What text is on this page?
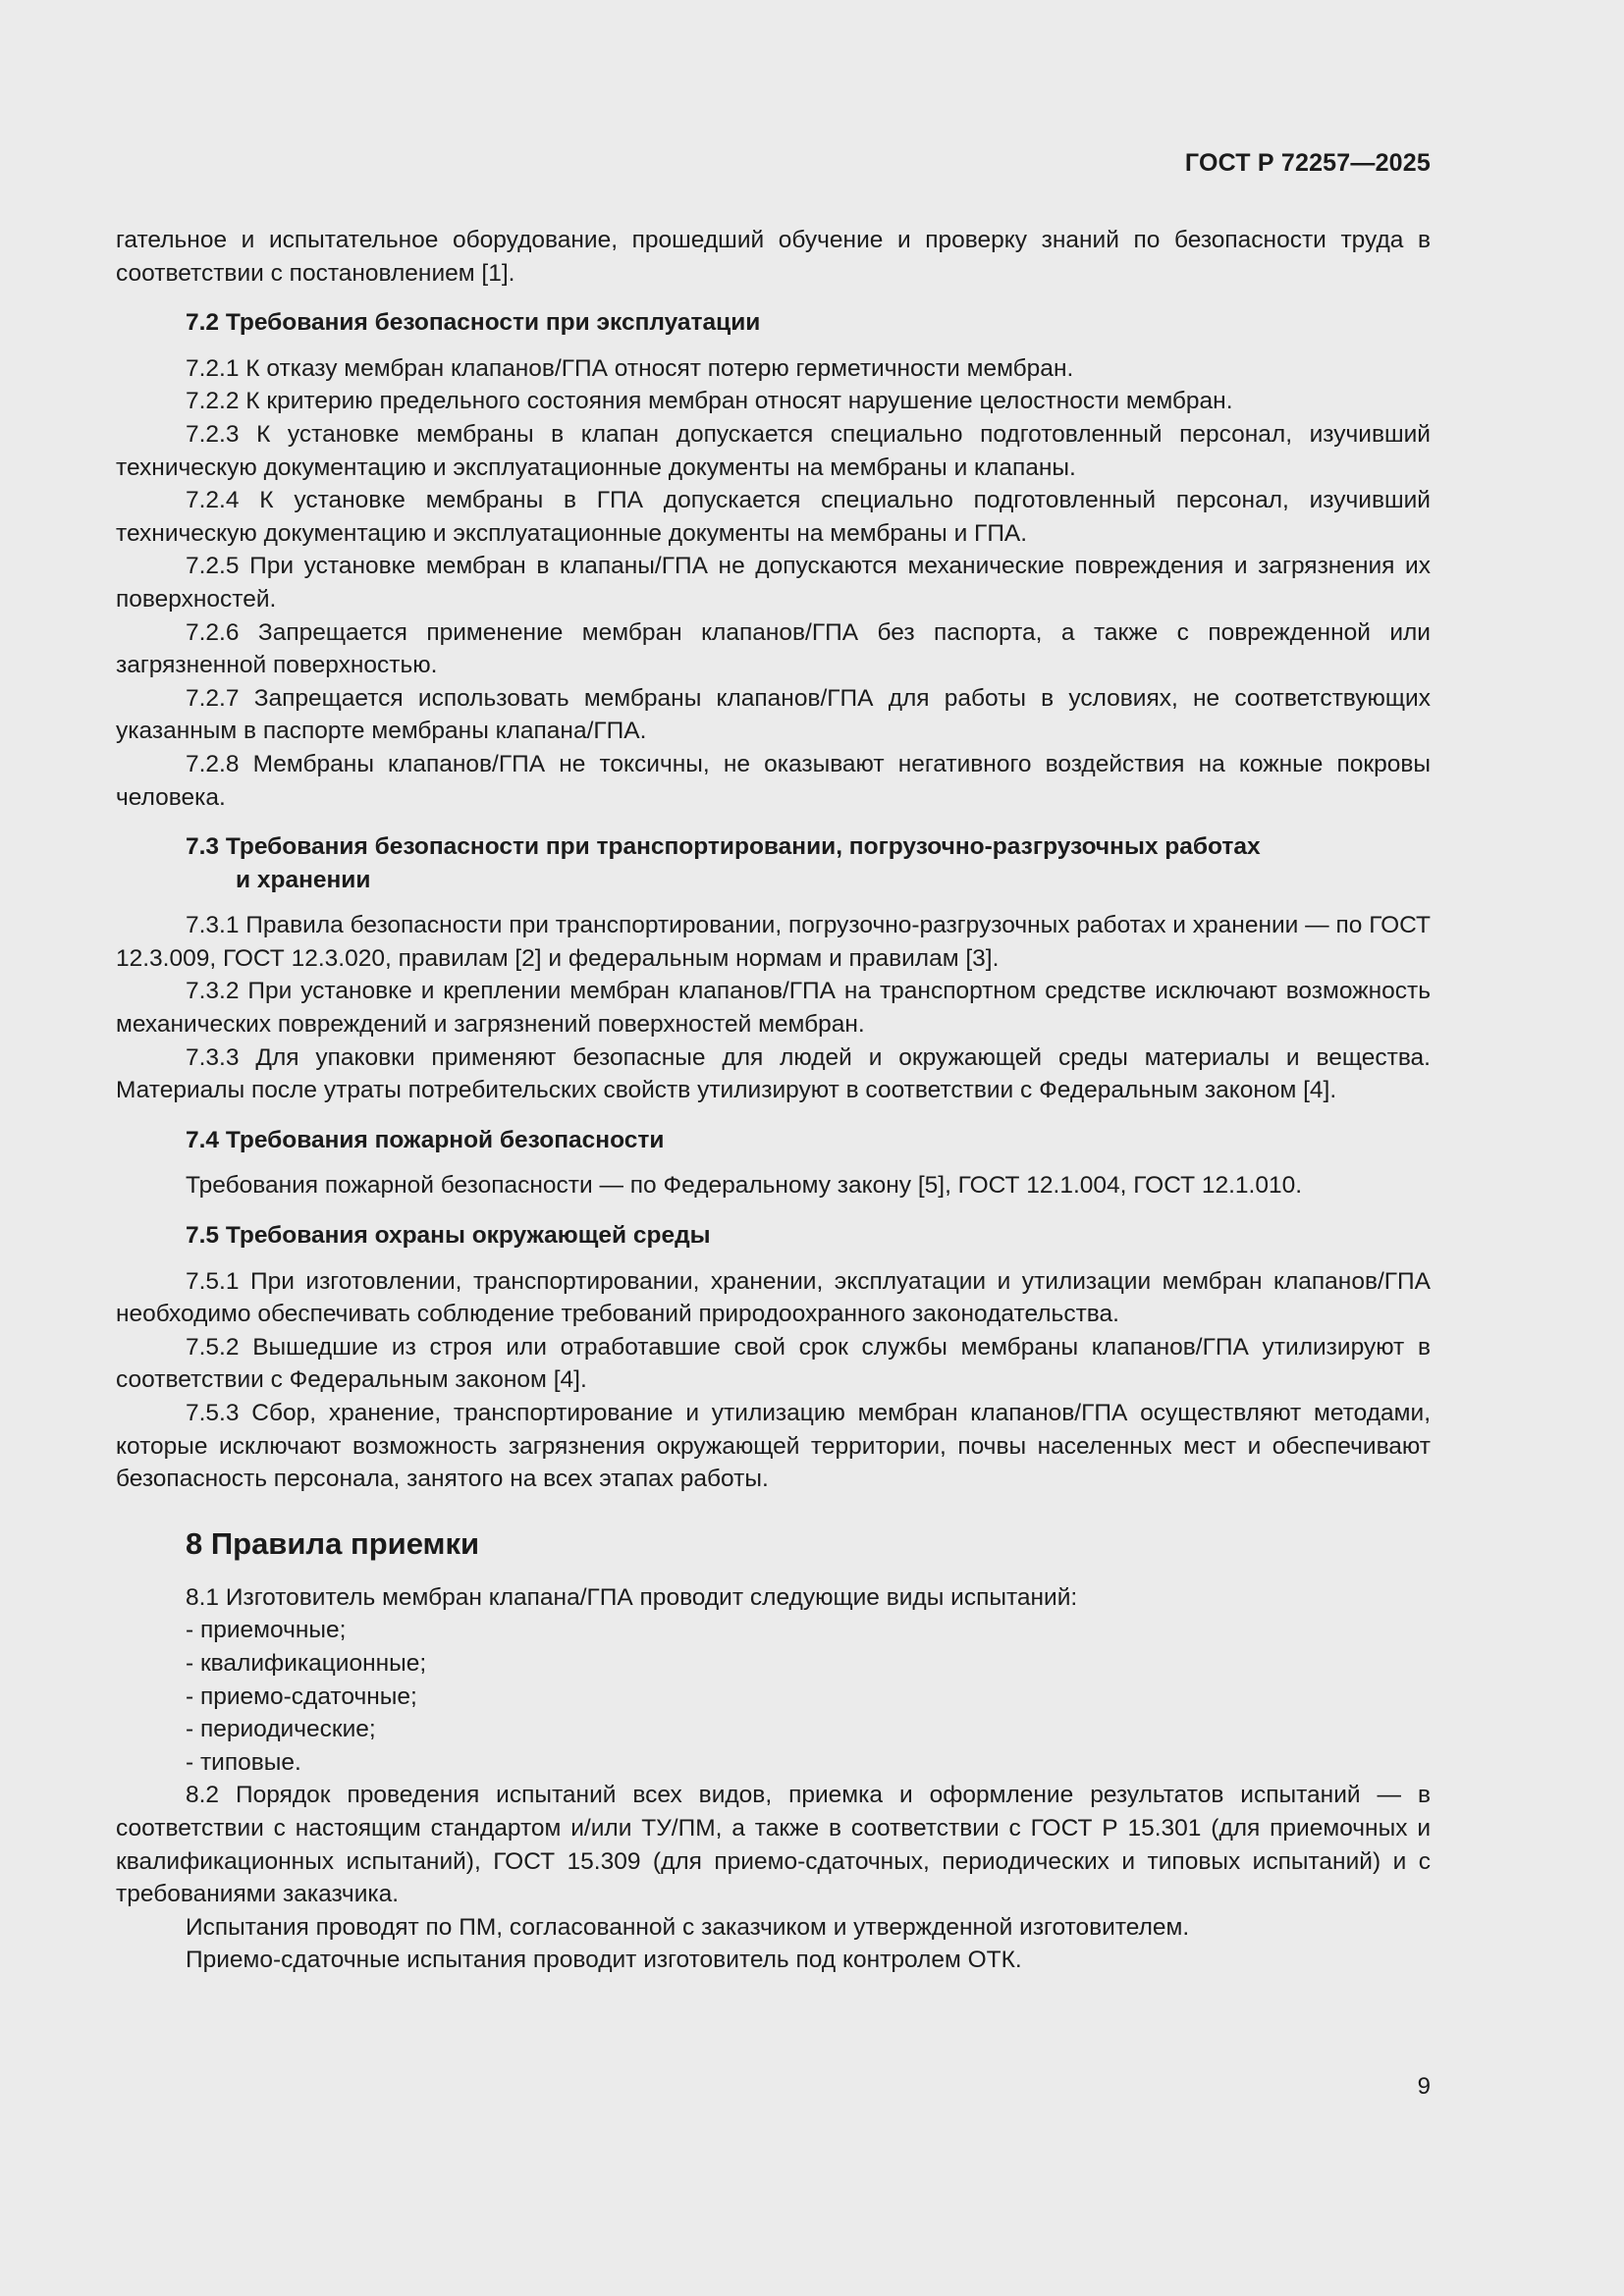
ГОСТ Р 72257—2025

гательное и испытательное оборудование, прошедший обучение и проверку знаний по безопасности труда в соответствии с постановлением [1].

7.2 Требования безопасности при эксплуатации

7.2.1 К отказу мембран клапанов/ГПА относят потерю герметичности мембран.

7.2.2 К критерию предельного состояния мембран относят нарушение целостности мембран.

7.2.3 К установке мембраны в клапан допускается специально подготовленный персонал, изучивший техническую документацию и эксплуатационные документы на мембраны и клапаны.

7.2.4 К установке мембраны в ГПА допускается специально подготовленный персонал, изучивший техническую документацию и эксплуатационные документы на мембраны и ГПА.

7.2.5 При установке мембран в клапаны/ГПА не допускаются механические повреждения и загрязнения их поверхностей.

7.2.6 Запрещается применение мембран клапанов/ГПА без паспорта, а также с поврежденной или загрязненной поверхностью.

7.2.7 Запрещается использовать мембраны клапанов/ГПА для работы в условиях, не соответствующих указанным в паспорте мембраны клапана/ГПА.

7.2.8 Мембраны клапанов/ГПА не токсичны, не оказывают негативного воздействия на кожные покровы человека.

7.3 Требования безопасности при транспортировании, погрузочно-разгрузочных работах
и хранении

7.3.1 Правила безопасности при транспортировании, погрузочно-разгрузочных работах и хранении — по ГОСТ 12.3.009, ГОСТ 12.3.020, правилам [2] и федеральным нормам и правилам [3].

7.3.2 При установке и креплении мембран клапанов/ГПА на транспортном средстве исключают возможность механических повреждений и загрязнений поверхностей мембран.

7.3.3 Для упаковки применяют безопасные для людей и окружающей среды материалы и вещества. Материалы после утраты потребительских свойств утилизируют в соответствии с Федеральным законом [4].

7.4 Требования пожарной безопасности

Требования пожарной безопасности — по Федеральному закону [5], ГОСТ 12.1.004, ГОСТ 12.1.010.

7.5 Требования охраны окружающей среды

7.5.1 При изготовлении, транспортировании, хранении, эксплуатации и утилизации мембран клапанов/ГПА необходимо обеспечивать соблюдение требований природоохранного законодательства.

7.5.2 Вышедшие из строя или отработавшие свой срок службы мембраны клапанов/ГПА утилизируют в соответствии с Федеральным законом [4].

7.5.3 Сбор, хранение, транспортирование и утилизацию мембран клапанов/ГПА осуществляют методами, которые исключают возможность загрязнения окружающей территории, почвы населенных мест и обеспечивают безопасность персонала, занятого на всех этапах работы.

8 Правила приемки

8.1 Изготовитель мембран клапана/ГПА проводит следующие виды испытаний:

- приемочные;
- квалификационные;
- приемо-сдаточные;
- периодические;
- типовые.

8.2 Порядок проведения испытаний всех видов, приемка и оформление результатов испытаний — в соответствии с настоящим стандартом и/или ТУ/ПМ, а также в соответствии с ГОСТ Р 15.301 (для приемочных и квалификационных испытаний), ГОСТ 15.309 (для приемо-сдаточных, периодических и типовых испытаний) и с требованиями заказчика.

Испытания проводят по ПМ, согласованной с заказчиком и утвержденной изготовителем.

Приемо-сдаточные испытания проводит изготовитель под контролем ОТК.

9
